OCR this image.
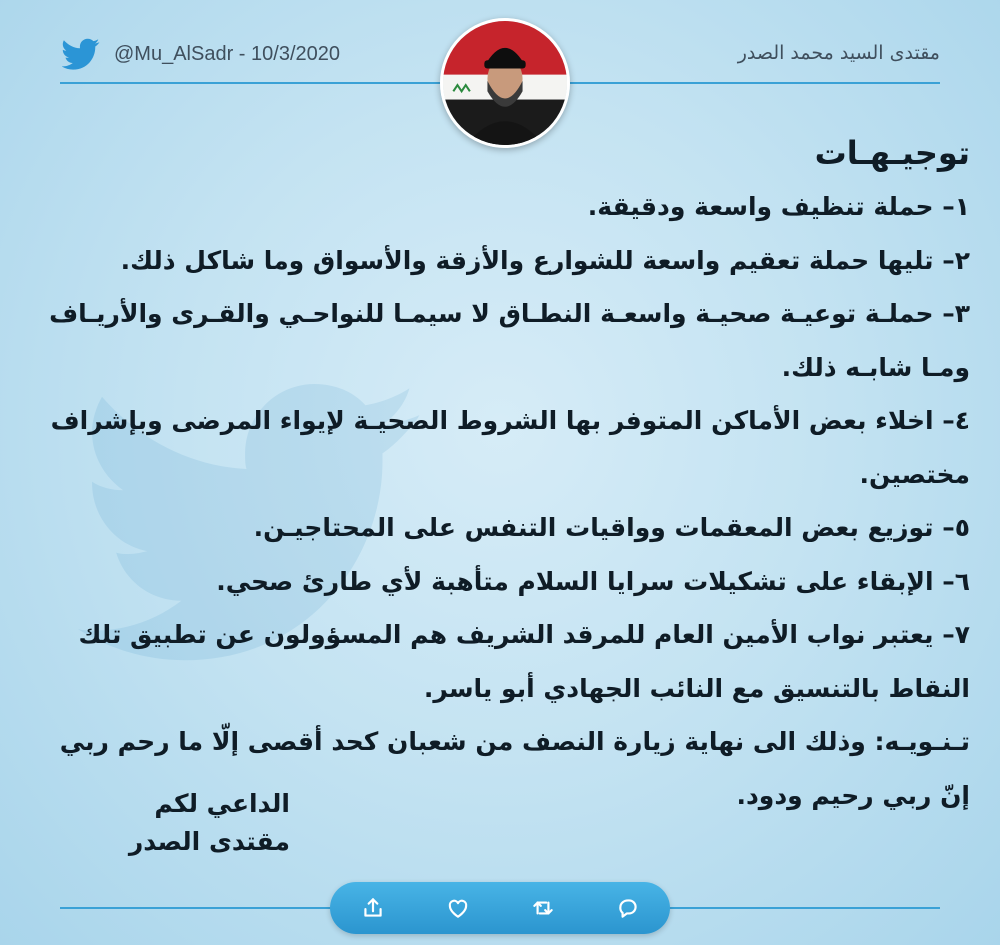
@Mu_AlSadr - 10/3/2020	مقتدى السيد محمد الصدر
توجيـهـات
١– حملة تنظيف واسعة ودقيقة.
٢– تليها حملة تعقيم واسعة للشوارع والأزقة والأسواق وما شاكل ذلك.
٣– حملـة توعيـة صحيـة واسعـة النطـاق لا سيمـا للنواحـي والقـرى والأريـاف
ومـا شابـه ذلك.
٤– اخلاء بعض الأماكن المتوفر بها الشروط الصحيـة لإيواء المرضى وبإشراف
مختصين.
٥– توزيع بعض المعقمات وواقيات التنفس على المحتاجيـن.
٦– الإبقاء على تشكيلات سرايا السلام متأهبة لأي طارئ صحي.
٧– يعتبر نواب الأمين العام للمرقد الشريف هم المسؤولون عن تطبيق تلك
النقاط بالتنسيق مع النائب الجهادي أبو ياسر.
تـنـويـه: وذلك الى نهاية زيارة النصف من شعبان كحد أقصى إلّا ما رحم ربي
إنّ ربي رحيم ودود.
الداعي لكم
مقتدى الصدر
